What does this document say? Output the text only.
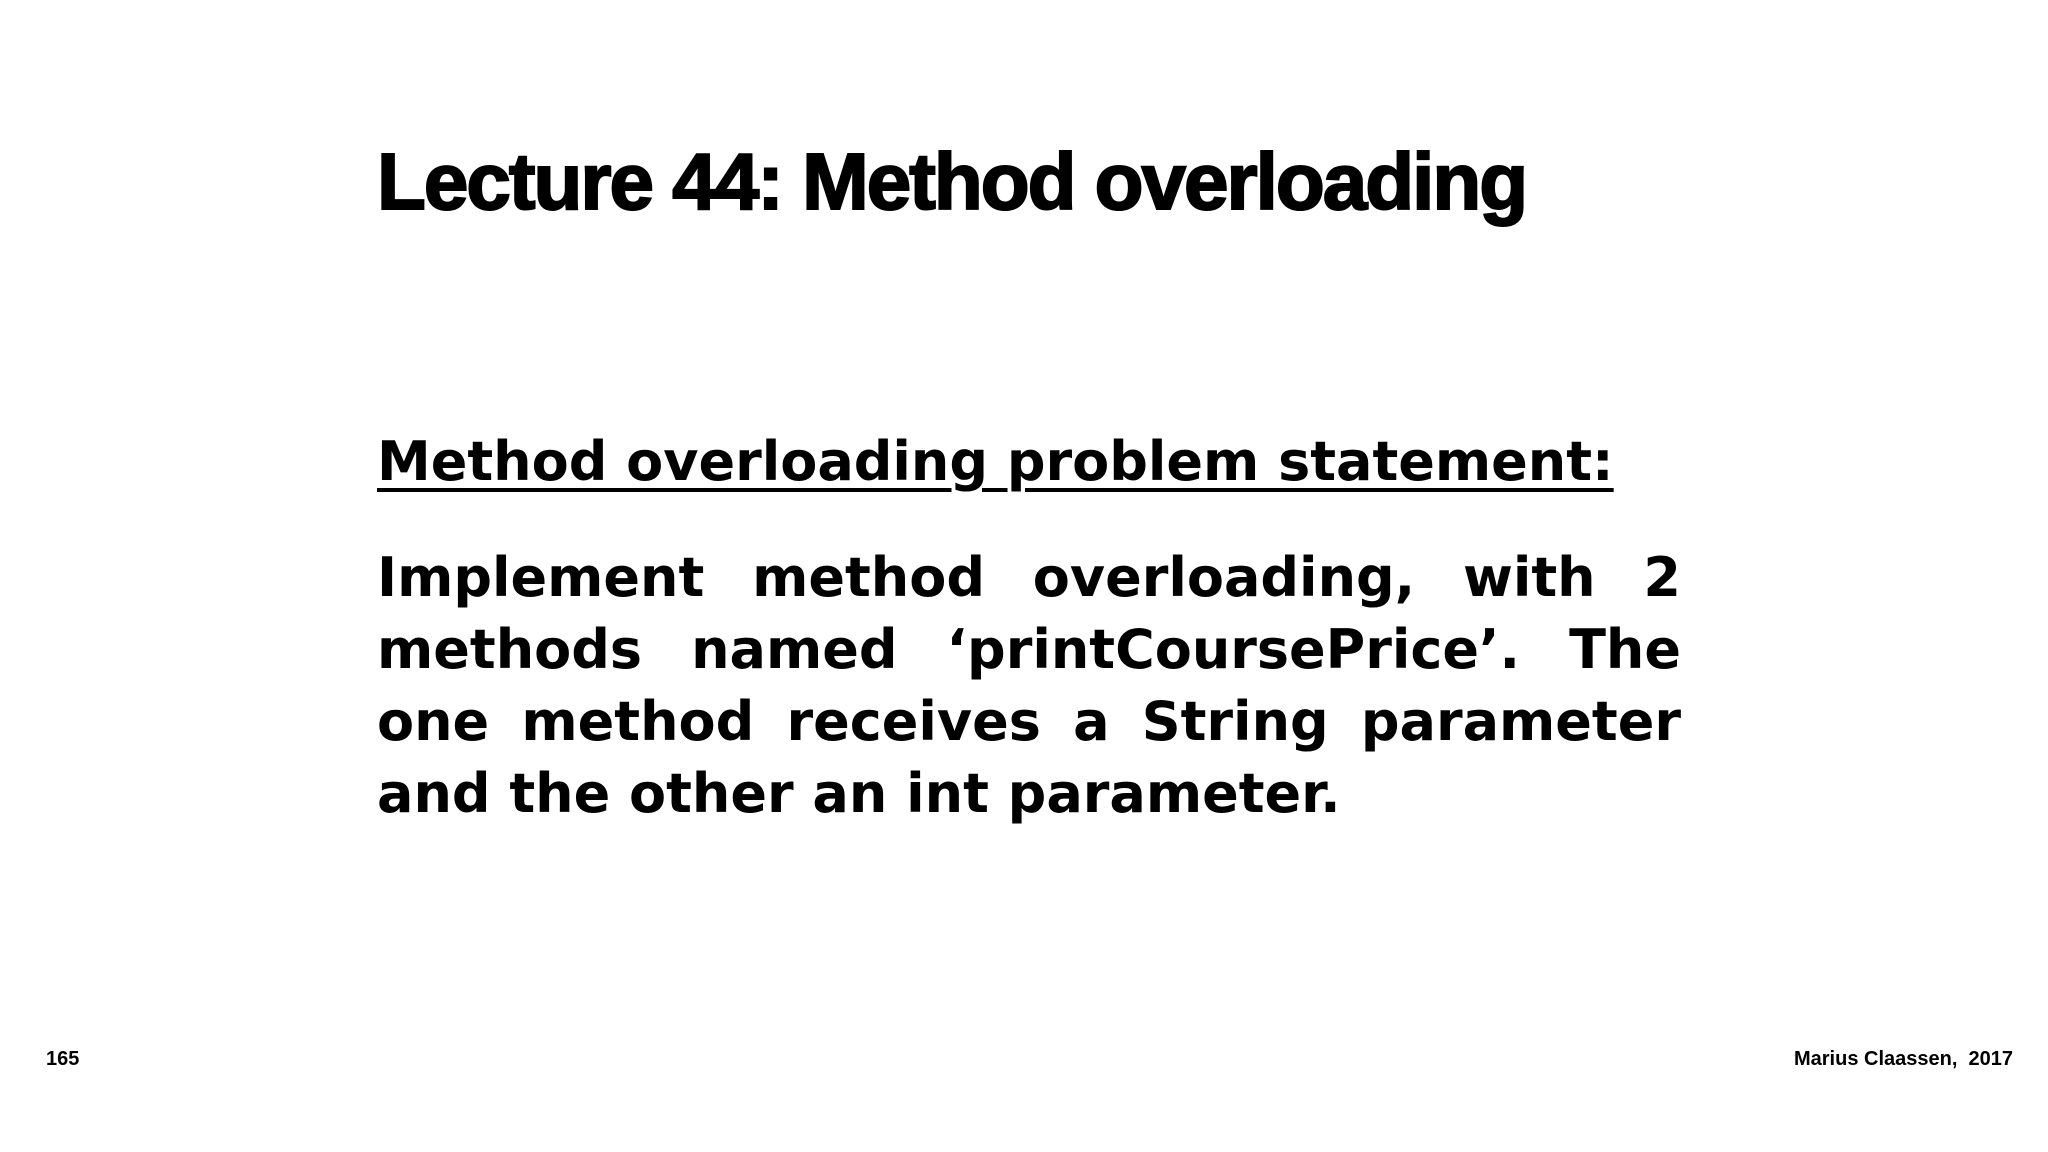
Lecture 44: Method overloading
Method overloading problem statement:

Implement method overloading, with 2 methods named ‘printCoursePrice’. The one method receives a String parameter and the other an int parameter.

165	Marius Claassen,  2017
